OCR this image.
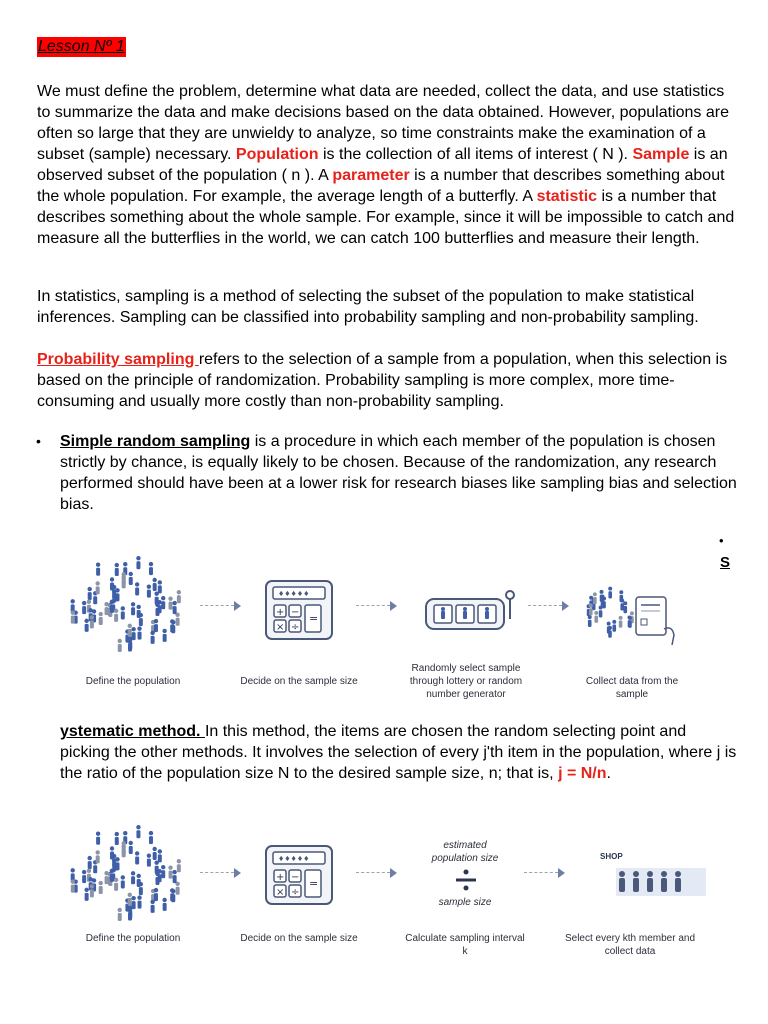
Lesson Nº 1

We must define the problem, determine what data are needed, collect the data, and use statistics to summarize the data and make decisions based on the data obtained. However, populations are often so large that they are unwieldy to analyze, so time constraints make the examination of a subset (sample) necessary. Population is the collection of all items of interest ( N ). Sample is an observed subset of the population ( n ). A parameter is a number that describes something about the whole population. For example, the average length of a butterfly. A statistic is a number that describes something about the whole sample. For example, since it will be impossible to catch and measure all the butterflies in the world, we can catch 100 butterflies and measure their length.

In statistics, sampling is a method of selecting the subset of the population to make statistical inferences. Sampling can be classified into probability sampling and non-probability sampling.

Probability sampling refers to the selection of a sample from a population, when this selection is based on the principle of randomization. Probability sampling is more complex, more time-consuming and usually more costly than non-probability sampling.

• Simple random sampling is a procedure in which each member of the population is chosen strictly by chance, is equally likely to be chosen. Because of the randomization, any research performed should have been at a lower risk for research biases like sampling bias and selection bias.

•
S
♦♦♦♦♦
+ −
× ÷
=
Define the population	Decide on the sample size
Randomly select sample through lottery or random number generator
Collect data from the sample

ystematic method. In this method, the items are chosen the random selecting point and picking the other methods. It involves the selection of every j'th item in the population, where j is the ratio of the population size N to the desired sample size, n; that is, j = N/n.

♦♦♦♦♦
+ −
× ÷
=
estimated population size
sample size
SHOP
Define the population	Decide on the sample size	Calculate sampling interval k
Select every kth member and collect data
